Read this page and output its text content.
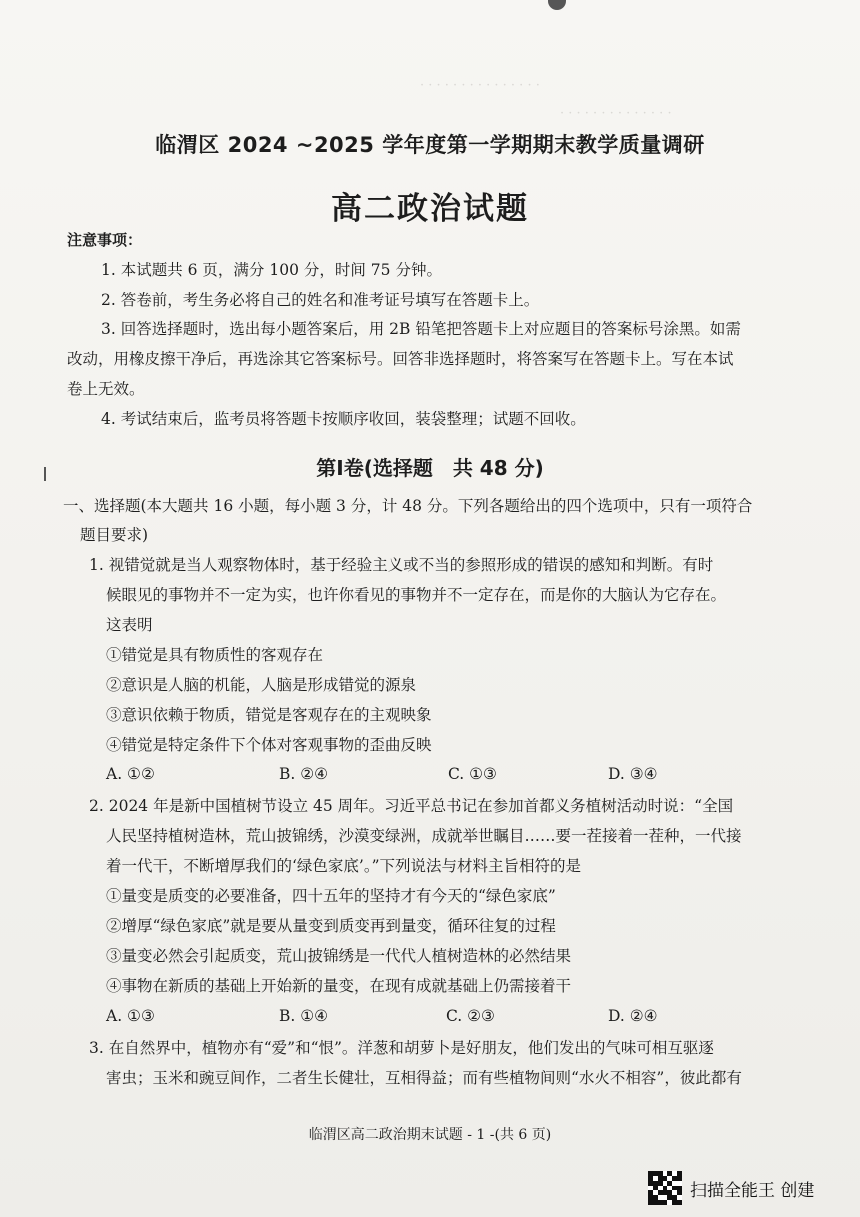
· · · · · · · · · · · · · · ·
· · · · · · · · · · · · · ·
临渭区 2024 ~2025 学年度第一学期期末教学质量调研
高二政治试题
注意事项：
1. 本试题共 6 页，满分 100 分，时间 75 分钟。
2. 答卷前，考生务必将自己的姓名和准考证号填写在答题卡上。
3. 回答选择题时，选出每小题答案后，用 2B 铅笔把答题卡上对应题目的答案标号涂黑。如需
改动，用橡皮擦干净后，再选涂其它答案标号。回答非选择题时，将答案写在答题卡上。写在本试
卷上无效。
4. 考试结束后，监考员将答题卡按顺序收回，装袋整理；试题不回收。
第Ⅰ卷(选择题　共 48 分)
一、选择题(本大题共 16 小题，每小题 3 分，计 48 分。下列各题给出的四个选项中，只有一项符合
题目要求)
1. 视错觉就是当人观察物体时，基于经验主义或不当的参照形成的错误的感知和判断。有时
候眼见的事物并不一定为实，也许你看见的事物并不一定存在，而是你的大脑认为它存在。
这表明
①错觉是具有物质性的客观存在
②意识是人脑的机能，人脑是形成错觉的源泉
③意识依赖于物质，错觉是客观存在的主观映象
④错觉是特定条件下个体对客观事物的歪曲反映
A. ①②	B. ②④	C. ①③	D. ③④
2. 2024 年是新中国植树节设立 45 周年。习近平总书记在参加首都义务植树活动时说：“全国
人民坚持植树造林，荒山披锦绣，沙漠变绿洲，成就举世瞩目……要一茬接着一茬种，一代接
着一代干，不断增厚我们的‘绿色家底’。”下列说法与材料主旨相符的是
①量变是质变的必要准备，四十五年的坚持才有今天的“绿色家底”
②增厚“绿色家底”就是要从量变到质变再到量变，循环往复的过程
③量变必然会引起质变，荒山披锦绣是一代代人植树造林的必然结果
④事物在新质的基础上开始新的量变，在现有成就基础上仍需接着干
A. ①③	B. ①④	C. ②③	D. ②④
3. 在自然界中，植物亦有“爱”和“恨”。洋葱和胡萝卜是好朋友，他们发出的气味可相互驱逐
害虫；玉米和豌豆间作，二者生长健壮，互相得益；而有些植物间则“水火不相容”，彼此都有
临渭区高二政治期末试题 - 1 -(共 6 页)
扫描全能王 创建
